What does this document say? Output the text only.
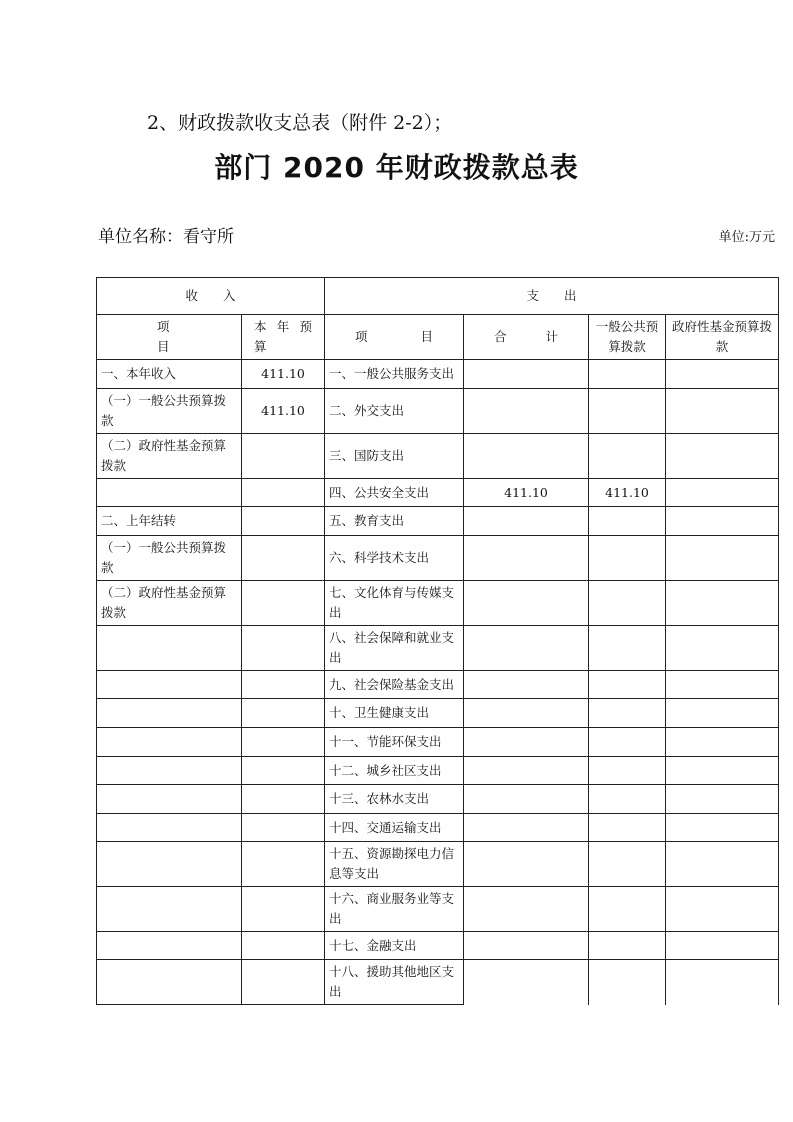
2、财政拨款收支总表（附件 2-2）；
部门 2020 年财政拨款总表
单位名称：看守所	单位:万元
收　　入		支　　出			
项　目	本 年 预 算	项　目	合　计	一般公共预算拨款	政府性基金预算拨款
一、本年收入	411.10	一、一般公共服务支出			
（一）一般公共预算拨款	411.10	二、外交支出			
（二）政府性基金预算拨款		三、国防支出			
		四、公共安全支出	411.10	411.10	
二、上年结转		五、教育支出			
（一）一般公共预算拨款		六、科学技术支出			
（二）政府性基金预算拨款		七、文化体育与传媒支出			
		八、社会保障和就业支出			
		九、社会保险基金支出			
		十、卫生健康支出			
		十一、节能环保支出			
		十二、城乡社区支出			
		十三、农林水支出			
		十四、交通运输支出			
		十五、资源勘探电力信息等支出			
		十六、商业服务业等支出			
		十七、金融支出			
		十八、援助其他地区支出			
